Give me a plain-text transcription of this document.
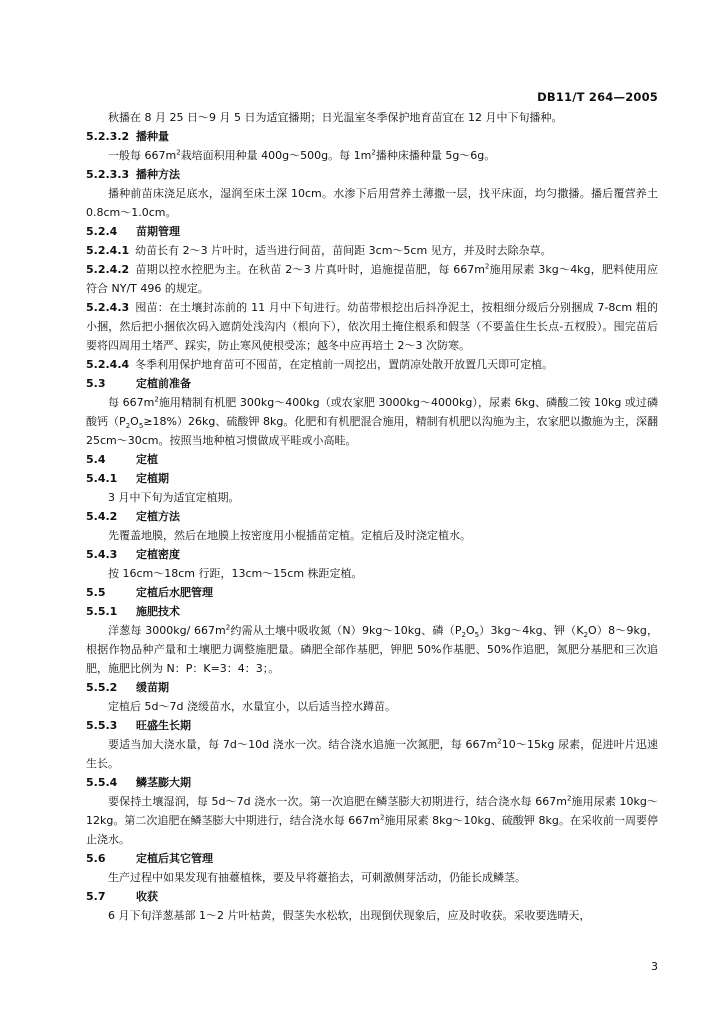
DB11/T 264—2005
秋播在 8 月 25 日～9 月 5 日为适宜播期；日光温室冬季保护地育苗宜在 12 月中下旬播种。
5.2.3.2 播种量
一般每 $667m^2$栽培面积用种量 400g～500g。每 $1m^2$播种床播种量 5g～6g。
5.2.3.3 播种方法
播种前苗床浇足底水，湿润至床土深 10cm。水渗下后用营养土薄撒一层，找平床面，均匀撒播。播后覆营养土 0.8cm～1.0cm。
5.2.4 苗期管理
5.2.4.1 幼苗长有 2～3 片叶时，适当进行间苗，苗间距 3cm～5cm 见方，并及时去除杂草。
5.2.4.2 苗期以控水控肥为主。在秋苗 2～3 片真叶时，追施提苗肥，每 $667m^2$施用尿素 3kg～4kg，肥料使用应符合 NY/T 496 的规定。
5.2.4.3 囤苗：在土壤封冻前的 11 月中下旬进行。幼苗带根挖出后抖净泥土，按粗细分级后分别捆成 7-8cm 粗的小捆，然后把小捆依次码入遮荫处浅沟内（根向下），依次用土掩住根系和假茎（不要盖住生长点-五杈股）。囤完苗后要将四周用土堵严、踩实，防止寒风使根受冻；越冬中应再培土 2～3 次防寒。
5.2.4.4 冬季利用保护地育苗可不囤苗，在定植前一周挖出，置荫凉处散开放置几天即可定植。
5.3	定植前准备
每 $667m^2$施用精制有机肥 300kg～400kg（或农家肥 3000kg～4000kg），尿素 6kg、磷酸二铵 10kg 或过磷酸钙$(P_2O_5\ge 18\%)26kg$、硫酸钾 8kg。化肥和有机肥混合施用，精制有机肥以沟施为主，农家肥以撒施为主，深翻 25cm～30cm。按照当地种植习惯做成平畦或小高畦。
5.4	定植
5.4.1 定植期
3 月中下旬为适宜定植期。
5.4.2 定植方法
先覆盖地膜，然后在地膜上按密度用小棍插苗定植。定植后及时浇定植水。
5.4.3 定植密度
按 16cm～18cm 行距，13cm～15cm 株距定植。
5.5	定植后水肥管理
5.5.1 施肥技术
洋葱每 3000kg/ $667m^2$约需从土壤中吸收氮（N）9kg～10kg、磷$(P_2O_5)3kg\sim 4kg$、钾$(K_2O)8\sim 9kg$，根据作物品种产量和土壤肥力调整施肥量。磷肥全部作基肥，钾肥 50%作基肥、50%作追肥，氮肥分基肥和三次追肥，施肥比例为 N：P：K=3：4：3；。
5.5.2 缓苗期
定植后 5d～7d 浇缓苗水，水量宜小，以后适当控水蹲苗。
5.5.3 旺盛生长期
要适当加大浇水量，每 7d～10d 浇水一次。结合浇水追施一次氮肥，每 $667m^210\sim 15kg$ 尿素，促进叶片迅速生长。
5.5.4 鳞茎膨大期
要保持土壤湿润，每 5d～7d 浇水一次。第一次追肥在鳞茎膨大初期进行，结合浇水每 $667m^2$施用尿素 10kg～12kg。第二次追肥在鳞茎膨大中期进行，结合浇水每 $667m^2$施用尿素 8kg～10kg、硫酸钾 8kg。在采收前一周要停止浇水。
5.6	定植后其它管理
生产过程中如果发现有抽薹植株，要及早将薹掐去，可刺激侧芽活动，仍能长成鳞茎。
5.7	收获
6 月下旬洋葱基部 1～2 片叶枯黄，假茎失水松软，出现倒伏现象后，应及时收获。采收要选晴天，
3
